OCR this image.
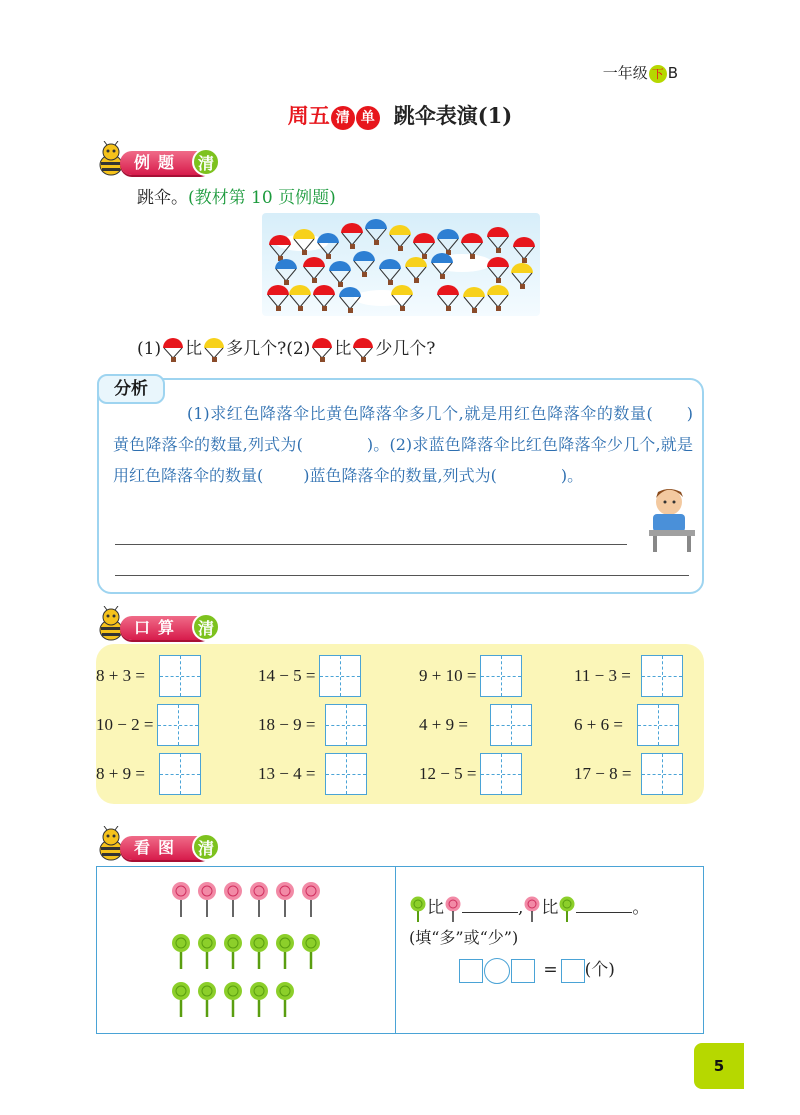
一年级 下 B
周五 清 单 跳伞表演(1)
例题 清
跳伞。(教材第 10 页例题)
(1) 比 多几个?(2) 比 少几个?
分析
(1)求红色降落伞比黄色降落伞多几个,就是用红色降落伞的数量( )黄色降落伞的数量,列式为(	)。(2)求蓝色降落伞比红色降落伞少几个,就是用红色降落伞的数量(	)蓝色降落伞的数量,列式为(	)。
口算 清
8 + 3 =	14 − 5 =	9 + 10 =	11 − 3 =
10 − 2 =	18 − 9 =	4 + 9 =	6 + 6 =
8 + 9 =	13 − 4 =	12 − 5 =	17 − 8 =
看图 清
比	, 比	。
(填“多”或“少”)
= (个)
5
